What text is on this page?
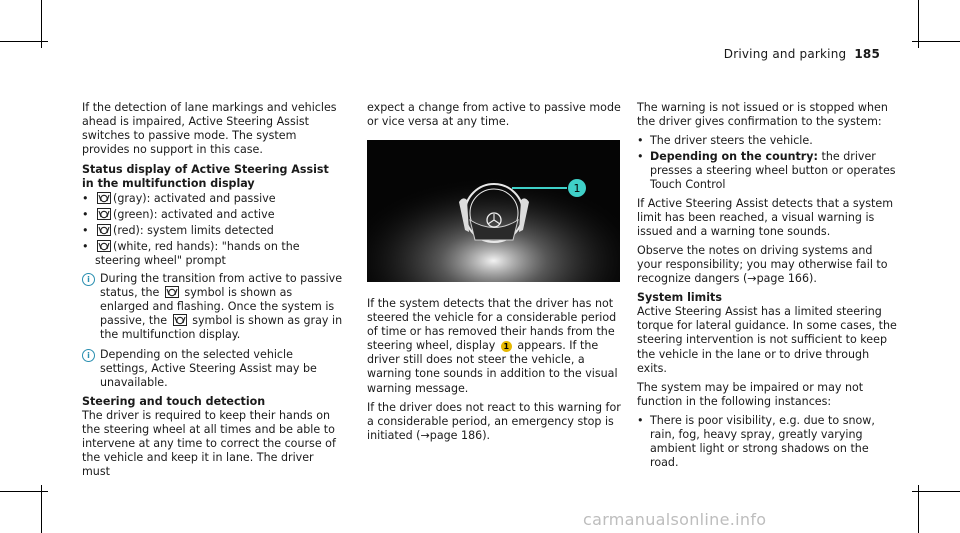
Driving and parking 185

If the detection of lane markings and vehicles ahead is impaired, Active Steering Assist switches to passive mode. The system provides no support in this case.

Status display of Active Steering Assist in the multifunction display
• (gray): activated and passive
• (green): activated and active
• (red): system limits detected
• (white, red hands): "hands on the steering wheel" prompt
i During the transition from active to passive status, the symbol is shown as enlarged and flashing. Once the system is passive, the symbol is shown as gray in the multifunction display.
i Depending on the selected vehicle settings, Active Steering Assist may be unavailable.
Steering and touch detection

The driver is required to keep their hands on the steering wheel at all times and be able to intervene at any time to correct the course of the vehicle and keep it in lane. The driver must

expect a change from active to passive mode or vice versa at any time.

1

If the system detects that the driver has not steered the vehicle for a considerable period of time or has removed their hands from the steering wheel, display 1 appears. If the driver still does not steer the vehicle, a warning tone sounds in addition to the visual warning message.

If the driver does not react to this warning for a considerable period, an emergency stop is initiated (→page 186).

The warning is not issued or is stopped when the driver gives confirmation to the system:

• The driver steers the vehicle.
• Depending on the country: the driver presses a steering wheel button or operates Touch Control

If Active Steering Assist detects that a system limit has been reached, a visual warning is issued and a warning tone sounds.

Observe the notes on driving systems and your responsibility; you may otherwise fail to recognize dangers (→page 166).

System limits

Active Steering Assist has a limited steering torque for lateral guidance. In some cases, the steering intervention is not sufficient to keep the vehicle in the lane or to drive through exits.

The system may be impaired or may not function in the following instances:

• There is poor visibility, e.g. due to snow, rain, fog, heavy spray, greatly varying ambient light or strong shadows on the road.
carmanualsonline.info
